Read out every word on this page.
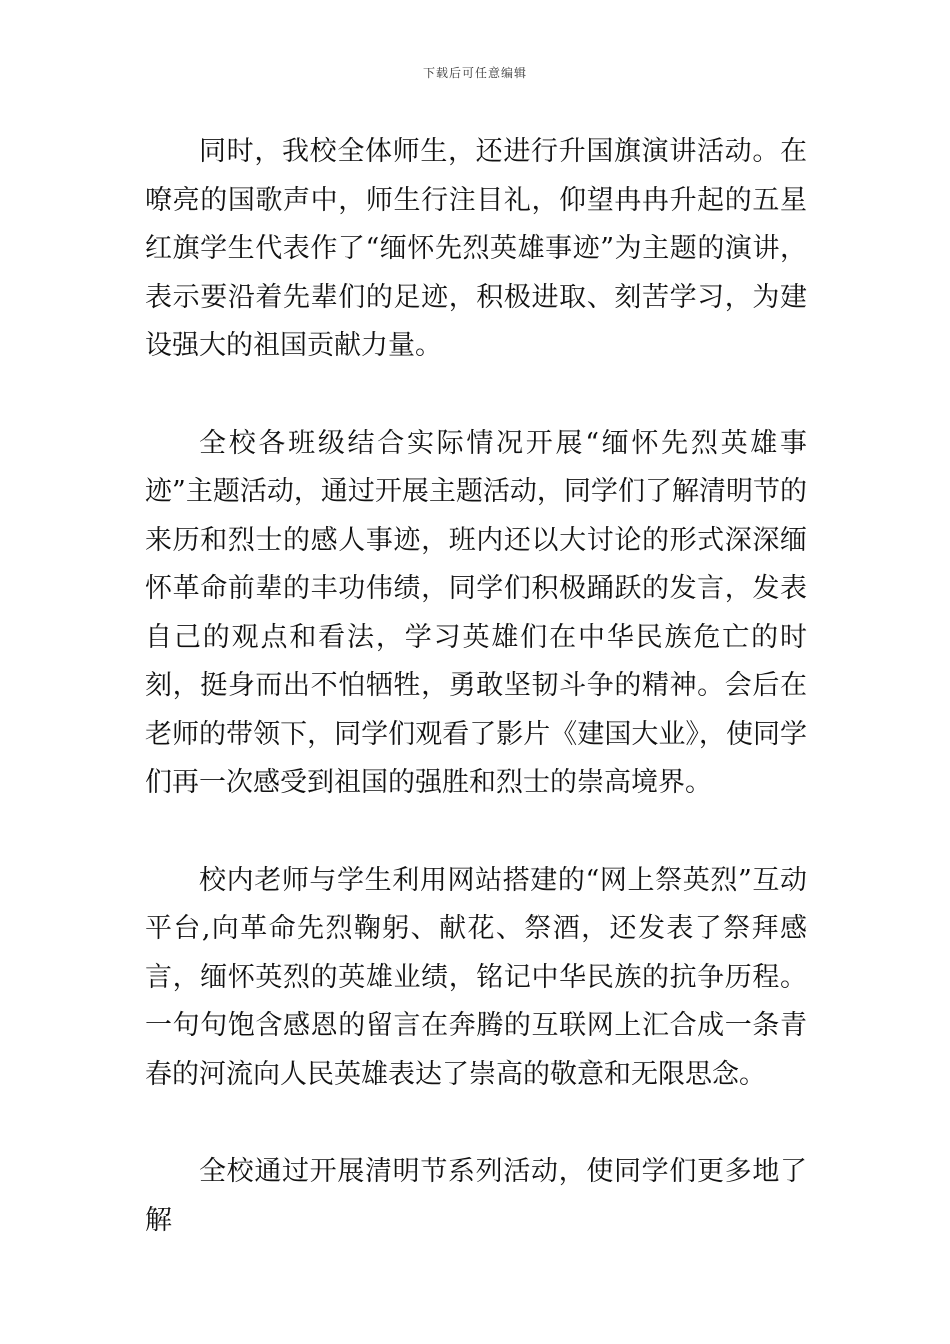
下载后可任意编辑

同时，我校全体师生，还进行升国旗演讲活动。在嘹亮的国歌声中，师生行注目礼，仰望冉冉升起的五星红旗学生代表作了“缅怀先烈英雄事迹”为主题的演讲，表示要沿着先辈们的足迹，积极进取、刻苦学习，为建设强大的祖国贡献力量。

全校各班级结合实际情况开展“缅怀先烈英雄事迹”主题活动，通过开展主题活动，同学们了解清明节的来历和烈士的感人事迹，班内还以大讨论的形式深深缅怀革命前辈的丰功伟绩，同学们积极踊跃的发言，发表自己的观点和看法，学习英雄们在中华民族危亡的时刻，挺身而出不怕牺牲，勇敢坚韧斗争的精神。会后在老师的带领下，同学们观看了影片《建国大业》，使同学们再一次感受到祖国的强胜和烈士的崇高境界。

校内老师与学生利用网站搭建的“网上祭英烈”互动平台,向革命先烈鞠躬、献花、祭酒，还发表了祭拜感言，缅怀英烈的英雄业绩，铭记中华民族的抗争历程。一句句饱含感恩的留言在奔腾的互联网上汇合成一条青春的河流向人民英雄表达了崇高的敬意和无限思念。

全校通过开展清明节系列活动，使同学们更多地了解
